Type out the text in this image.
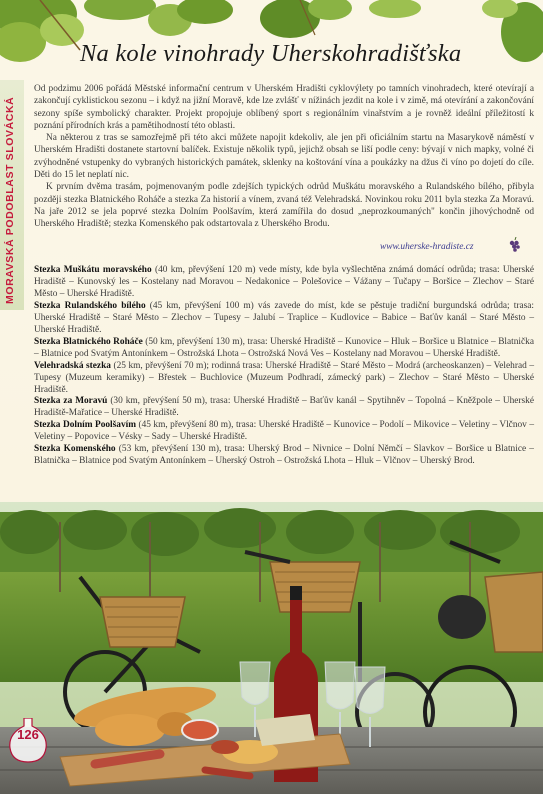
MORAVSKÁ PODOBLAST SLOVÁCKÁ
Na kole vinohrady Uherskohradišťska

Od podzimu 2006 pořádá Městské informační centrum v Uherském Hradišti cyklovýlety po tamních vinohradech, které otevírají a zakončují cyklistickou sezonu – i když na jižní Moravě, kde lze zvlášť v nížinách jezdit na kole i v zimě, má otevírání a zakončování sezony spíše symbolický charakter. Projekt propojuje oblíbený sport s regionálním vinařstvím a je rovněž ideální příležitostí k poznání přírodních krás a pamětihodností této oblasti.

Na některou z tras se samozřejmě při této akci můžete napojit kdekoliv, ale jen při oficiálním startu na Masarykově náměstí v Uherském Hradišti dostanete startovní balíček. Existuje několik typů, jejichž obsah se liší podle ceny: bývají v nich mapky, volné či zvýhodněné vstupenky do vybraných historických památek, sklenky na koštování vína a poukázky na džus či víno po dojetí do cíle. Děti do 15 let neplatí nic.

K prvním dvěma trasám, pojmenovaným podle zdejších typických odrůd Muškátu moravského a Rulandského bílého, přibyla později stezka Blatnického Roháče a stezka Za historií a vínem, zvaná též Velehradská. Novinkou roku 2011 byla stezka Za Moravú. Na jaře 2012 se jela poprvé stezka Dolním Poolšavím, která zamířila do dosud „neprozkoumaných" končin jihovýchodně od Uherského Hradiště; stezka Komenského pak odstartovala z Uherského Brodu.

www.uherske-hradiste.cz

Stezka Muškátu moravského (40 km, převýšení 120 m) vede místy, kde byla vyšlechtěna známá domácí odrůda; trasa: Uherské Hradiště – Kunovský les – Kostelany nad Moravou – Nedakonice – Polešovice – Vážany – Tučapy – Boršice – Zlechov – Staré Město – Uherské Hradiště.

Stezka Rulandského bílého (45 km, převýšení 100 m) vás zavede do míst, kde se pěstuje tradiční burgundská odrůda; trasa: Uherské Hradiště – Staré Město – Zlechov – Tupesy – Jalubí – Traplice – Kudlovice – Babice – Baťův kanál – Staré Město – Uherské Hradiště.

Stezka Blatnického Roháče (50 km, převýšení 130 m), trasa: Uherské Hradiště – Kunovice – Hluk – Boršice u Blatnice – Blatnička – Blatnice pod Svatým Antonínkem – Ostrožská Lhota – Ostrožská Nová Ves – Kostelany nad Moravou – Uherské Hradiště.

Velehradská stezka (25 km, převýšení 70 m); rodinná trasa: Uherské Hradiště – Staré Město – Modrá (archeoskanzen) – Velehrad – Tupesy (Muzeum keramiky) – Břestek – Buchlovice (Muzeum Podhradí, zámecký park) – Zlechov – Staré Město – Uherské Hradiště.

Stezka za Moravú (30 km, převýšení 50 m), trasa: Uherské Hradiště – Baťův kanál – Spytihněv – Topolná – Kněžpole – Uherské Hradiště-Mařatice – Uherské Hradiště.

Stezka Dolním Poolšavím (45 km, převýšení 80 m), trasa: Uherské Hradiště – Kunovice – Podolí – Mikovice – Veletiny – Vlčnov – Veletiny – Popovice – Vésky – Sady – Uherské Hradiště.

Stezka Komenského (53 km, převýšení 130 m), trasa: Uherský Brod – Nivnice – Dolní Němčí – Slavkov – Boršice u Blatnice – Blatnička – Blatnice pod Svatým Antonínkem – Uherský Ostroh – Ostrožská Lhota – Hluk – Vlčnov – Uherský Brod.

126
